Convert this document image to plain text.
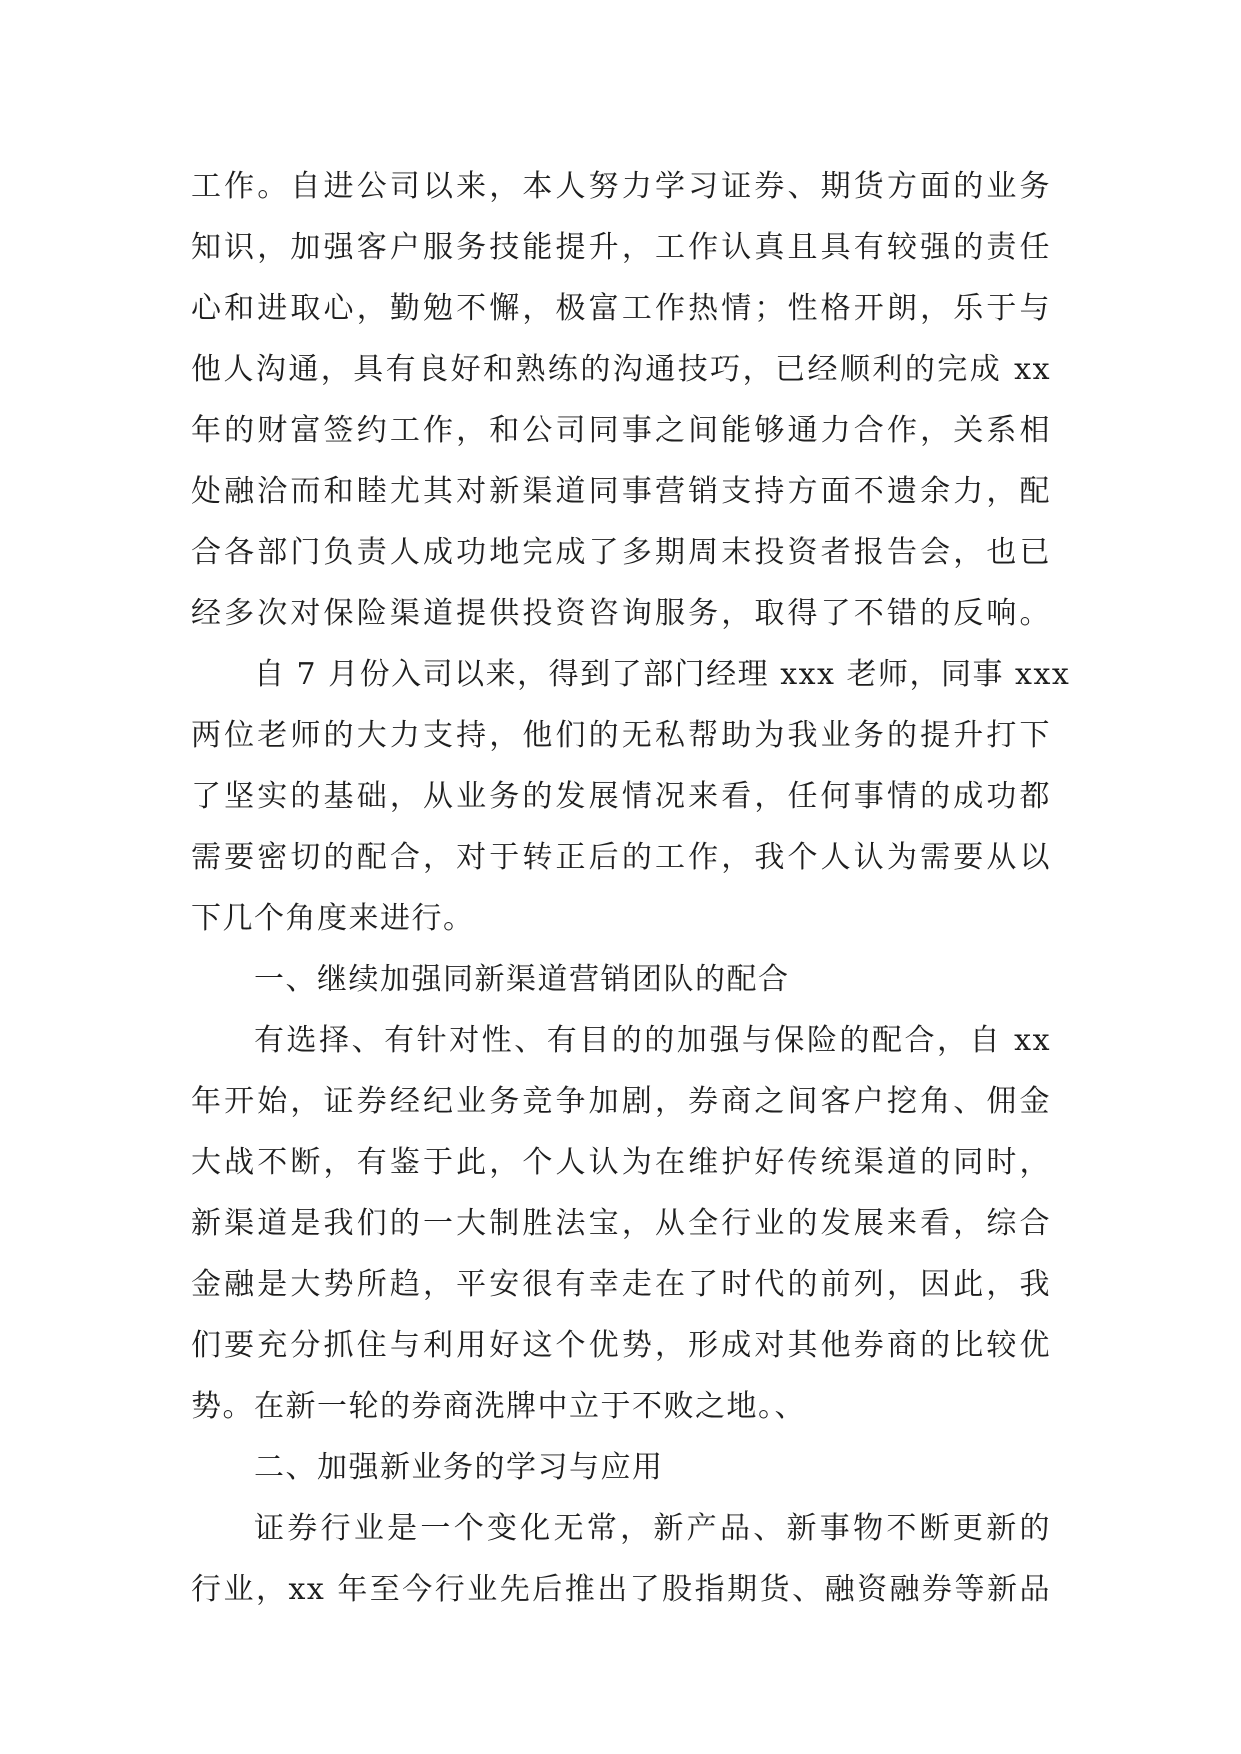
工作。自进公司以来，本人努力学习证券、期货方面的业务
知识，加强客户服务技能提升，工作认真且具有较强的责任
心和进取心，勤勉不懈，极富工作热情；性格开朗，乐于与
他人沟通，具有良好和熟练的沟通技巧，已经顺利的完成 xx
年的财富签约工作，和公司同事之间能够通力合作，关系相
处融洽而和睦尤其对新渠道同事营销支持方面不遗余力，配
合各部门负责人成功地完成了多期周末投资者报告会，也已
经多次对保险渠道提供投资咨询服务，取得了不错的反响。
自 7 月份入司以来，得到了部门经理 xxx 老师，同事 xxx
两位老师的大力支持，他们的无私帮助为我业务的提升打下
了坚实的基础，从业务的发展情况来看，任何事情的成功都
需要密切的配合，对于转正后的工作，我个人认为需要从以
下几个角度来进行。
一、继续加强同新渠道营销团队的配合
有选择、有针对性、有目的的加强与保险的配合，自 xx
年开始，证券经纪业务竞争加剧，券商之间客户挖角、佣金
大战不断，有鉴于此，个人认为在维护好传统渠道的同时，
新渠道是我们的一大制胜法宝，从全行业的发展来看，综合
金融是大势所趋，平安很有幸走在了时代的前列，因此，我
们要充分抓住与利用好这个优势，形成对其他券商的比较优
势。在新一轮的券商洗牌中立于不败之地。、
二、加强新业务的学习与应用
证券行业是一个变化无常，新产品、新事物不断更新的
行业，xx 年至今行业先后推出了股指期货、融资融券等新品
